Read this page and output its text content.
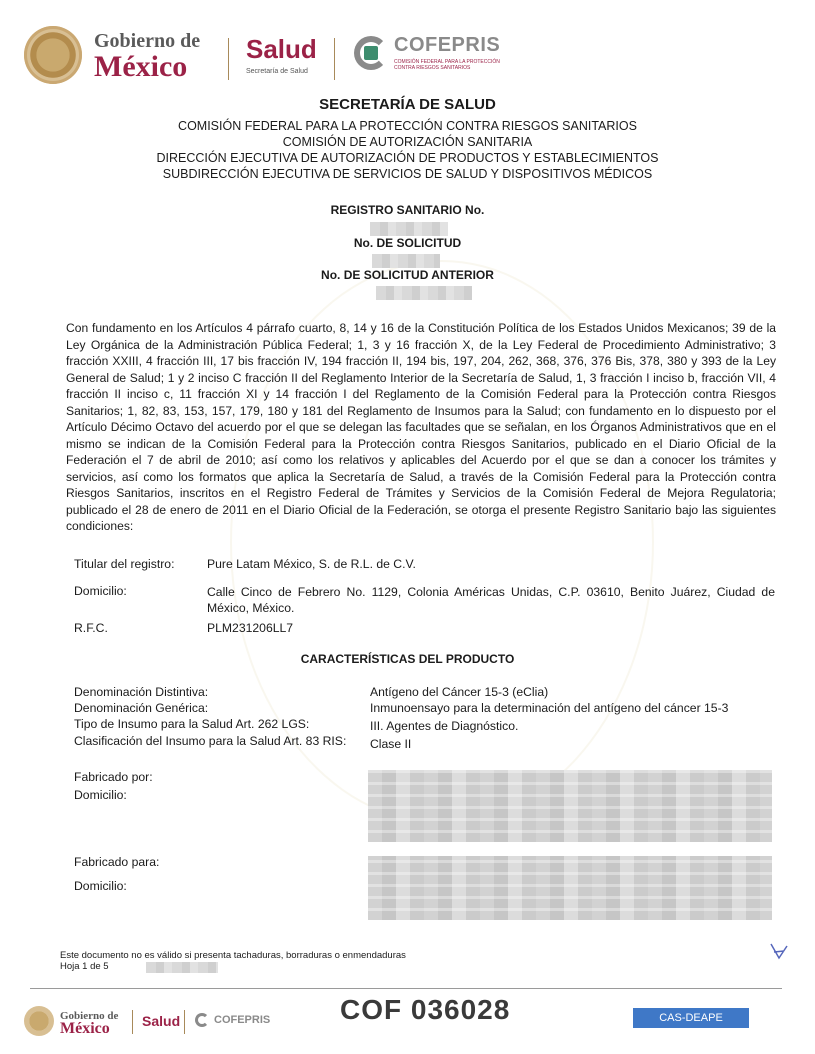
Gobierno de
México
Salud
Secretaría de Salud
COFEPRIS
COMISIÓN FEDERAL PARA LA PROTECCIÓN CONTRA RIESGOS SANITARIOS
SECRETARÍA DE SALUD
COMISIÓN FEDERAL PARA LA PROTECCIÓN CONTRA RIESGOS SANITARIOS
COMISIÓN DE AUTORIZACIÓN SANITARIA
DIRECCIÓN EJECUTIVA DE AUTORIZACIÓN DE PRODUCTOS Y ESTABLECIMIENTOS
SUBDIRECCIÓN EJECUTIVA DE SERVICIOS DE SALUD Y DISPOSITIVOS MÉDICOS
REGISTRO SANITARIO No.
No. DE SOLICITUD
No. DE SOLICITUD ANTERIOR
Con fundamento en los Artículos 4 párrafo cuarto, 8, 14 y 16 de la Constitución Política de los Estados Unidos Mexicanos; 39 de la Ley Orgánica de la Administración Pública Federal; 1, 3 y 16 fracción X, de la Ley Federal de Procedimiento Administrativo; 3 fracción XXIII, 4 fracción III, 17 bis fracción IV, 194 fracción II, 194 bis, 197, 204, 262, 368, 376, 376 Bis, 378, 380 y 393 de la Ley General de Salud; 1 y 2 inciso C fracción II del Reglamento Interior de la Secretaría de Salud, 1, 3 fracción I inciso b, fracción VII, 4 fracción II inciso c, 11 fracción XI y 14 fracción I del Reglamento de la Comisión Federal para la Protección contra Riesgos Sanitarios; 1, 82, 83, 153, 157, 179, 180 y 181 del Reglamento de Insumos para la Salud; con fundamento en lo dispuesto por el Artículo Décimo Octavo del acuerdo por el que se delegan las facultades que se señalan, en los Órganos Administrativos que en el mismo se indican de la Comisión Federal para la Protección contra Riesgos Sanitarios, publicado en el Diario Oficial de la Federación el 7 de abril de 2010; así como los relativos y aplicables del Acuerdo por el que se dan a conocer los trámites y servicios, así como los formatos que aplica la Secretaría de Salud, a través de la Comisión Federal para la Protección contra Riesgos Sanitarios, inscritos en el Registro Federal de Trámites y Servicios de la Comisión Federal de Mejora Regulatoria; publicado el 28 de enero de 2011 en el Diario Oficial de la Federación, se otorga el presente Registro Sanitario bajo las siguientes condiciones:
Titular del registro:	Pure Latam México, S. de R.L. de C.V.
Domicilio:	Calle Cinco de Febrero No. 1129, Colonia Américas Unidas, C.P. 03610, Benito Juárez, Ciudad de
México, México.
R.F.C.	PLM231206LL7
CARACTERÍSTICAS DEL PRODUCTO
Denominación Distintiva:	Antígeno del Cáncer 15-3 (eClia)
Denominación Genérica:	Inmunoensayo para la determinación del antígeno del cáncer 15-3
Tipo de Insumo para la Salud Art. 262 LGS:	III. Agentes de Diagnóstico.
Clasificación del Insumo para la Salud Art. 83 RIS: Clase II
Fabricado por:
Domicilio:
Fabricado para:
Domicilio:
Este documento no es válido si presenta tachaduras, borraduras o enmendaduras
Hoja 1 de 5
Gobierno de
México Salud	COFEPRIS COF 036028	CAS-DEAPE
